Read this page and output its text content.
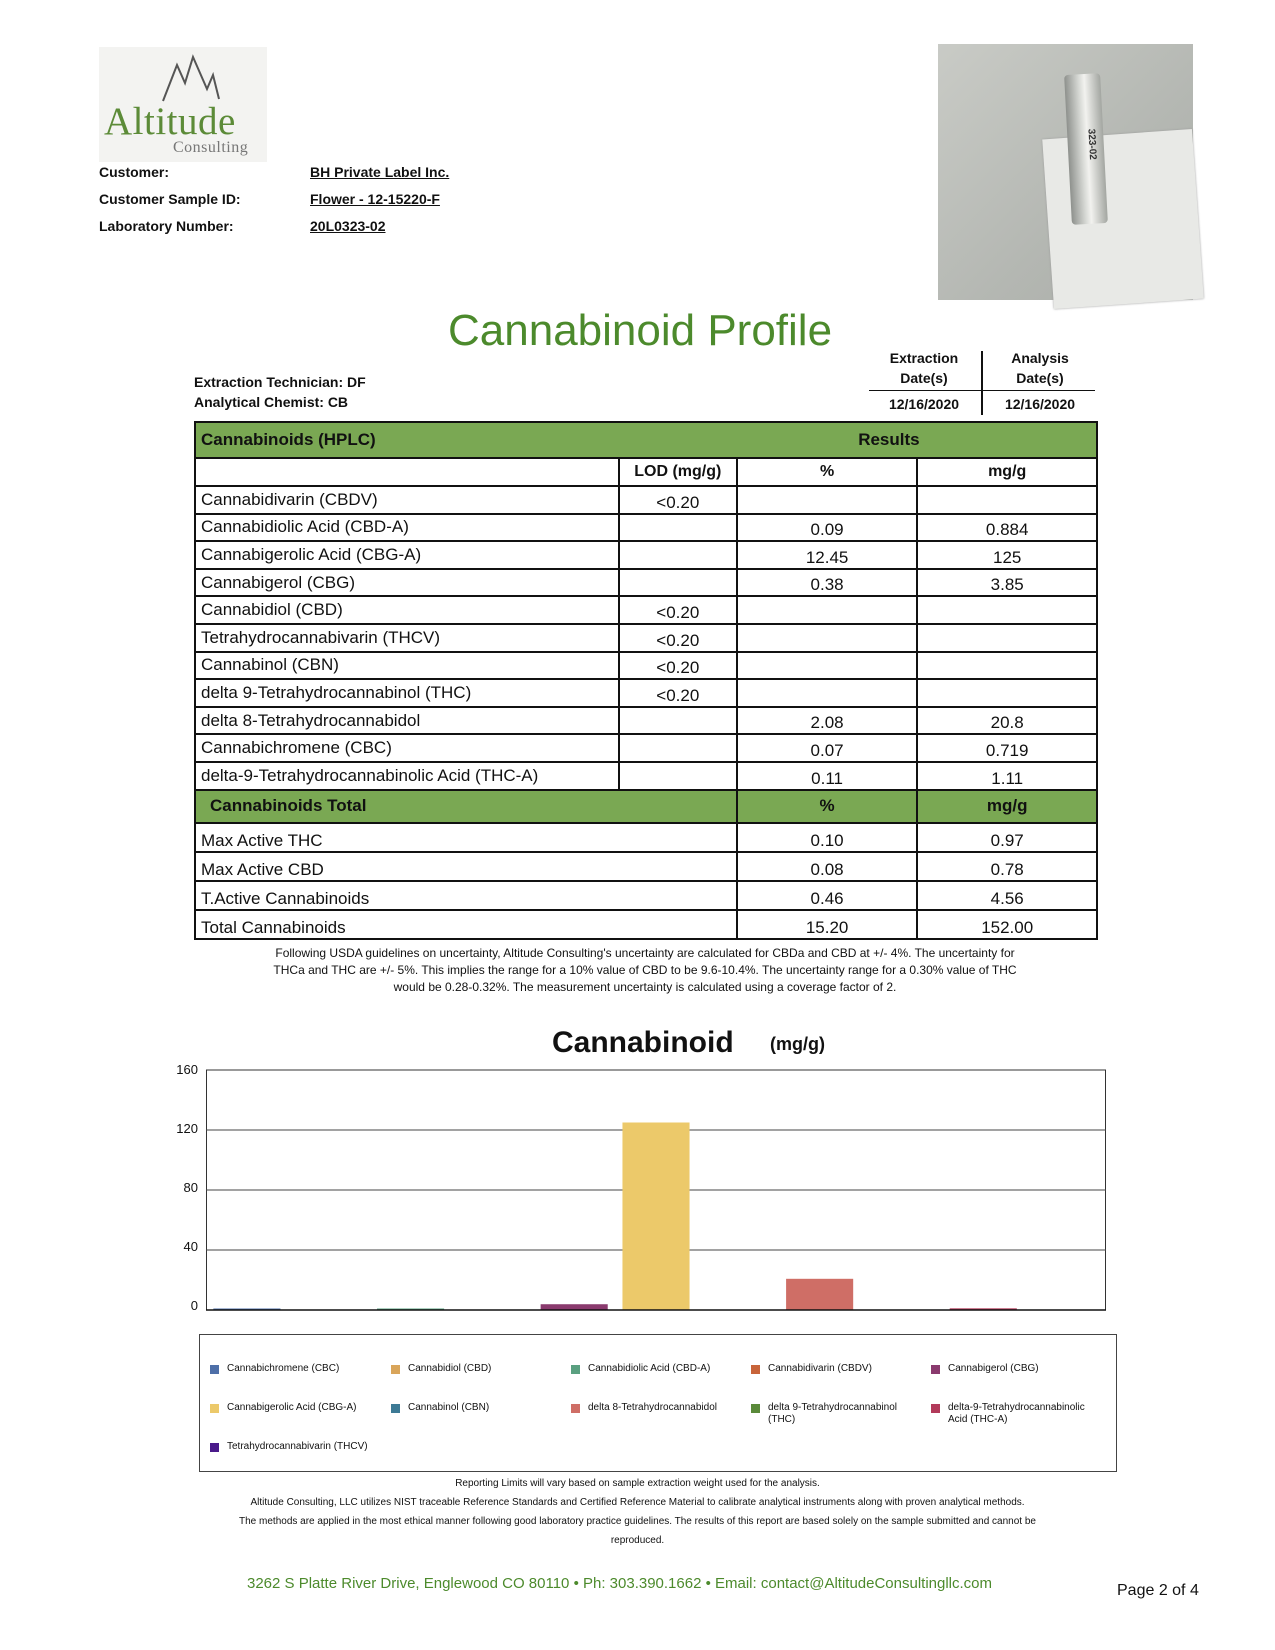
Altitude
Consulting
Customer:	BH Private Label Inc.
Customer Sample ID:	Flower - 12-15220-F
Laboratory Number:	20L0323-02
323-02
Cannabinoid Profile
Extraction Technician: DF
Analytical Chemist: CB
Extraction
Date(s)
Analysis
Date(s)
12/16/2020	12/16/2020
Cannabinoids (HPLC)		Results	
	LOD (mg/g)	%	mg/g
Cannabidivarin (CBDV)	<0.20		
Cannabidiolic Acid (CBD-A)		0.09	0.884
Cannabigerolic Acid (CBG-A)		12.45	125
Cannabigerol (CBG)		0.38	3.85
Cannabidiol (CBD)	<0.20		
Tetrahydrocannabivarin (THCV)	<0.20		
Cannabinol (CBN)	<0.20		
delta 9-Tetrahydrocannabinol (THC)	<0.20		
delta 8-Tetrahydrocannabidol		2.08	20.8
Cannabichromene (CBC)		0.07	0.719
delta-9-Tetrahydrocannabinolic Acid (THC-A)		0.11	1.11
Cannabinoids Total		%	mg/g
Max Active THC		0.10	0.97
Max Active CBD		0.08	0.78
T.Active Cannabinoids		0.46	4.56
Total Cannabinoids		15.20	152.00
Following USDA guidelines on uncertainty, Altitude Consulting's uncertainty are calculated for CBDa and CBD at +/- 4%. The uncertainty for
THCa and THC are +/- 5%. This implies the range for a 10% value of CBD to be 9.6-10.4%. The uncertainty range for a 0.30% value of THC
would be 0.28-0.32%. The measurement uncertainty is calculated using a coverage factor of 2.
Cannabinoid (mg/g)
160
120
80
40
0
Cannabichromene (CBC)	Cannabidiol (CBD)	Cannabidiolic Acid (CBD-A)	Cannabidivarin (CBDV)	Cannabigerol (CBG)
Cannabigerolic Acid (CBG-A)	Cannabinol (CBN)	delta 8-Tetrahydrocannabidol	delta 9-Tetrahydrocannabinol (THC)
delta-9-Tetrahydrocannabinolic Acid (THC-A)
Tetrahydrocannabivarin (THCV)
Reporting Limits will vary based on sample extraction weight used for the analysis.
Altitude Consulting, LLC utilizes NIST traceable Reference Standards and Certified Reference Material to calibrate analytical instruments along with proven analytical methods.
The methods are applied in the most ethical manner following good laboratory practice guidelines. The results of this report are based solely on the sample submitted and cannot be
reproduced.
3262 S Platte River Drive, Englewood CO 80110 • Ph: 303.390.1662 • Email: contact@AltitudeConsultingllc.com	Page 2 of 4
